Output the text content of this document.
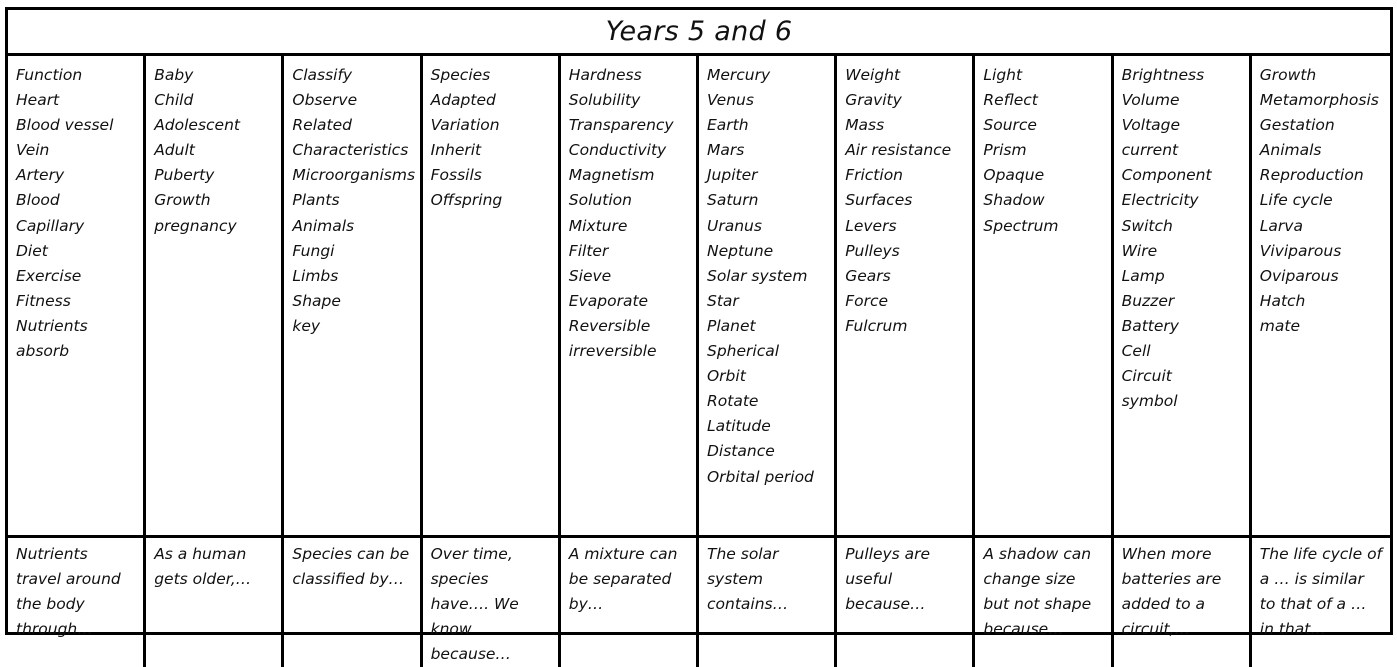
Years 5 and 6
Function
Heart
Blood vessel
Vein
Artery
Blood
Capillary
Diet
Exercise
Fitness
Nutrients
absorb
Baby
Child
Adolescent
Adult
Puberty
Growth
pregnancy
Classify
Observe
Related
Characteristics
Microorganisms
Plants
Animals
Fungi
Limbs
Shape
key
Species
Adapted
Variation
Inherit
Fossils
Offspring
Hardness
Solubility
Transparency
Conductivity
Magnetism
Solution
Mixture
Filter
Sieve
Evaporate
Reversible
irreversible
Mercury
Venus
Earth
Mars
Jupiter
Saturn
Uranus
Neptune
Solar system
Star
Planet
Spherical
Orbit
Rotate
Latitude
Distance
Orbital period
Weight
Gravity
Mass
Air resistance
Friction
Surfaces
Levers
Pulleys
Gears
Force
Fulcrum
Light
Reflect
Source
Prism
Opaque
Shadow
Spectrum
Brightness
Volume
Voltage
current
Component
Electricity
Switch
Wire
Lamp
Buzzer
Battery
Cell
Circuit
symbol
Growth
Metamorphosis
Gestation
Animals
Reproduction
Life cycle
Larva
Viviparous
Oviparous
Hatch
mate
Nutrients travel around the body through…
As a human gets older,…
Species can be classified by…
Over time, species have…. We know because…
A mixture can be separated by…
The solar system contains…
Pulleys are useful because…
A shadow can change size but not shape because…
When more batteries are added to a circuit,…
The life cycle of a … is similar to that of a … in that…
